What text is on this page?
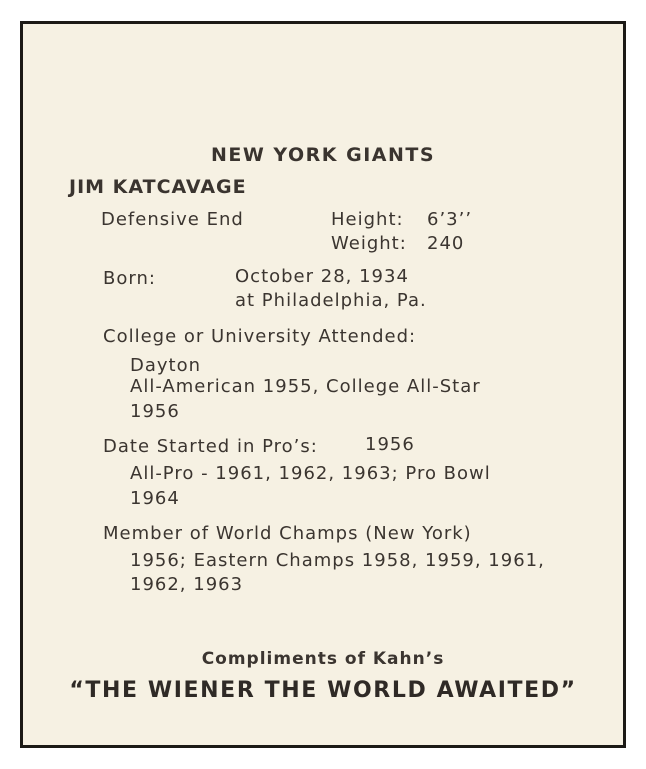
NEW YORK GIANTS
JIM KATCAVAGE
Defensive End	Height: 6’3’’
Weight: 240
Born:	October 28, 1934
at Philadelphia, Pa.
College or University Attended:
Dayton
All-American 1955, College All-Star
1956
Date Started in Pro’s:	1956
All-Pro - 1961, 1962, 1963; Pro Bowl
1964
Member of World Champs (New York)
1956; Eastern Champs 1958, 1959, 1961,
1962, 1963
Compliments of Kahn’s
“THE WIENER THE WORLD AWAITED”
